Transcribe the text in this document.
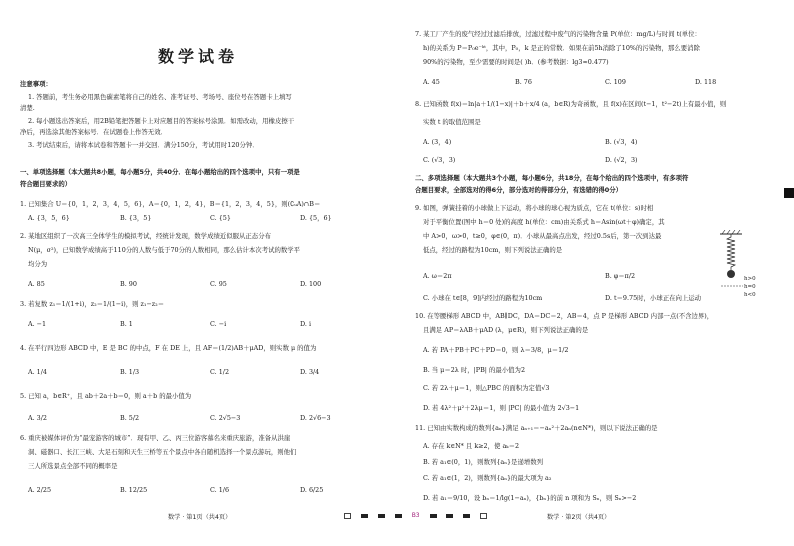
数学试卷
注意事项：
1. 答题前，考生务必用黑色碳素笔将自己的姓名、准考证号、考场号、座位号在答题卡上填写
清楚.
2. 每小题选出答案后，用2B铅笔把答题卡上对应题目的答案标号涂黑．如需改动，用橡皮擦干
净后，再选涂其他答案标号．在试题卷上作答无效．
3. 考试结束后，请将本试卷和答题卡一并交回．满分150分，考试用时120分钟．
一、单项选择题（本大题共8小题，每小题5分，共40分．在每小题给出的四个选项中，只有一项是
符合题目要求的）
1. 已知集合 U＝{0，1，2，3，4，5，6}，A＝{0，1，2，4}，B＝{1，2，3，4，5}，则(∁ᵤA)∩B＝
A. {3，5，6}	B. {3，5}	C. {5}	D. {5，6}
2. 某地区组织了一次高三全体学生的模拟考试，经统计发现，数学成绩近似服从正态分布
N(μ，σ²)，已知数学成绩高于110分的人数与低于70分的人数相同，那么估计本次考试的数学平
均分为
A. 85	B. 90	C. 95	D. 100
3. 若复数 z₁＝1/(1+i)，z₂＝1/(1−i)，则 z₁−z₂＝
A. −1	B. 1	C. −i	D. i
4. 在平行四边形 ABCD 中，E 是 BC 的中点，F 在 DE 上，且 AF＝(1/2)AB＋μAD，则实数 μ 的值为
A. 1/4	B. 1/3	C. 1/2	D. 3/4
5. 已知 a，b∈R⁺，且 ab＋2a＋b＝0，则 a＋b 的最小值为
A. 3/2	B. 5/2	C. 2√5−3	D. 2√6−3
6. 重庆被媒体评价为“最宠游客的城市”．现有甲、乙、丙三位游客慕名来重庆旅游，准备从洪崖
洞、磁器口、长江三峡、大足石刻和天生三桥等五个景点中各自随机选择一个景点游玩，则他们
三人所选景点全部不同的概率是
A. 2/25	B. 12/25	C. 1/6	D. 6/25
数学 · 第1页（共4页）	B3
7. 某工厂产生的废气经过过滤后排放，过滤过程中废气的污染物含量 P(单位：mg/L)与时间 t(单位：
h)的关系为 P＝P₀e⁻ᵏᵗ，其中，P₀，k 是正的常数．如果在前5h消除了10%的污染物，那么要消除
90%的污染物，至少需要的时间是( )h．(参考数据：lg3≈0.477)
A. 45	B. 76	C. 109	D. 118
8. 已知函数 f(x)＝ln|a＋1/(1−x)|＋b＋x/4 (a，b∈R)为奇函数，且 f(x)在区间(t−1，t²−2t)上有最小值，则
实数 t 的取值范围是
A. (3，4)	B. (√3，4)
C. (√3，3)	D. (√2，3)
二、多项选择题（本大题共3个小题，每小题6分，共18分，在每个给出的四个选项中，有多项符
合题目要求，全部选对的得6分，部分选对的得部分分，有选错的得0分）
9. 如图，弹簧挂着的小球做上下运动，将小球的球心视为质点，它在 t(单位：s)时相
对于平衡位置(图中 h＝0 处)的高度 h(单位：cm)由关系式 h＝Asin(ωt＋φ)确定，其
中 A>0，ω>0，t≥0，φ∈(0，π)．小球从最高点出发，经过0.5s后，第一次到达最
低点，经过的路程为10cm，则下列说法正确的是
A. ω＝2π	B. φ＝π/2
C. 小球在 t∈[8，9]内经过的路程为10cm	D. t＝9.75时，小球正在向上运动
10. 在等腰梯形 ABCD 中，AB∥DC，DA＝DC＝2，AB＝4，点 P 是梯形 ABCD 内部一点(不含边界)，
且满足 AP＝λAB＋μAD (λ，μ∈R)，则下列说法正确的是
A. 若 PA＋PB＋PC＋PD＝0，则 λ＝3/8，μ＝1/2
B. 当 μ＝2λ 时，|PB| 的最小值为2
C. 若 2λ＋μ＝1，则△PBC 的面积为定值√3
D. 若 4λ²＋μ²＋2λμ＝1，则 |PC| 的最小值为 2√3−1
11. 已知由实数构成的数列{aₙ}满足 aₙ₊₁＝−aₙ²＋2aₙ(n∈N*)，则以下说法正确的是
A. 存在 k∈N* 且 k≥2，使 aₖ＝2
B. 若 a₁∈(0，1)，则数列{aₙ}是递增数列
C. 若 a₁∈(1，2)，则数列{aₙ}的最大项为 a₂
D. 若 a₁＝9/10，设 bₙ＝1/lg(1−aₙ)，{bₙ}的前 n 项和为 Sₙ，则 Sₙ>−2
数学 · 第2页（共4页）
h>0
h=0
h<0
